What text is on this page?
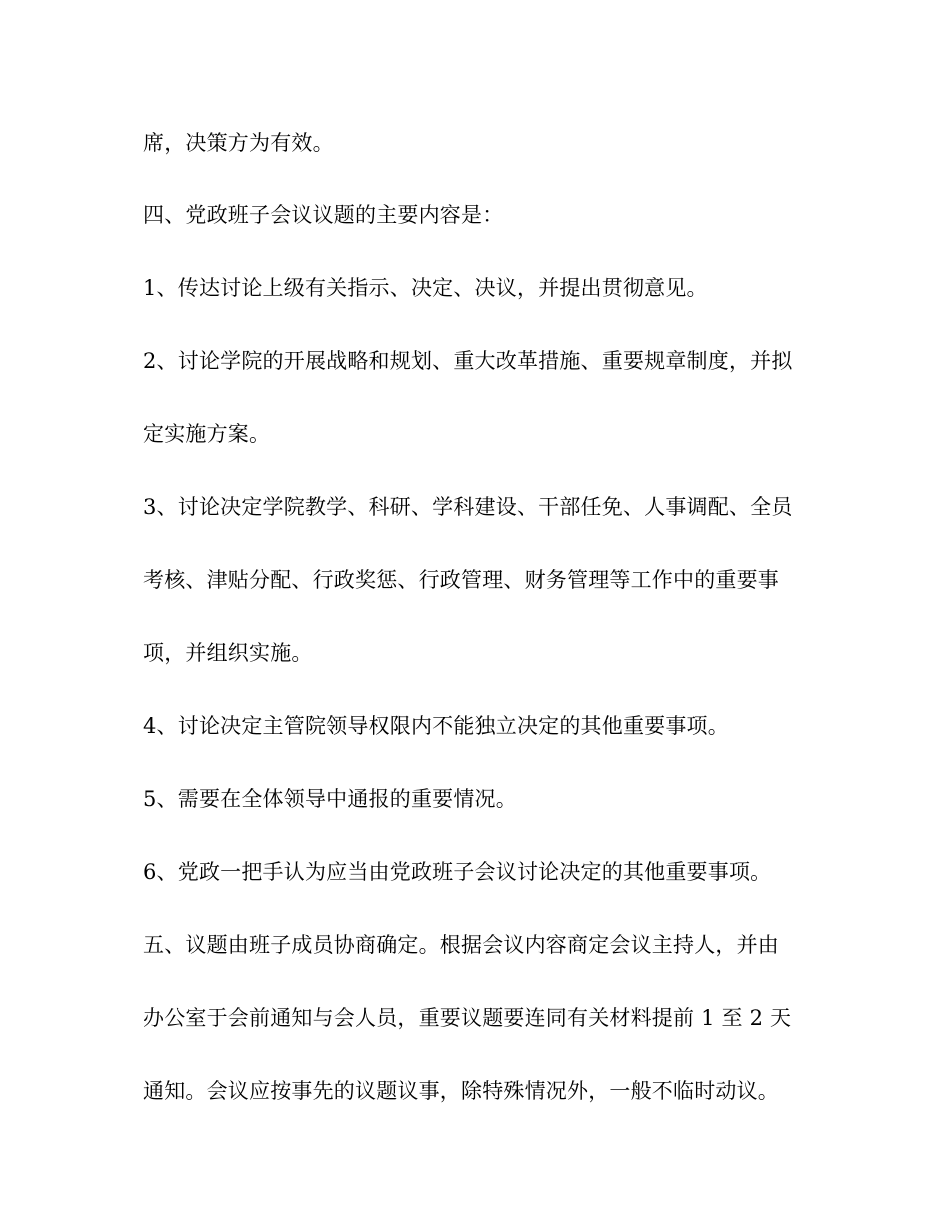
席，决策方为有效。
四、党政班子会议议题的主要内容是：
1、传达讨论上级有关指示、决定、决议，并提出贯彻意见。
2、讨论学院的开展战略和规划、重大改革措施、重要规章制度，并拟
定实施方案。
3、讨论决定学院教学、科研、学科建设、干部任免、人事调配、全员
考核、津贴分配、行政奖惩、行政管理、财务管理等工作中的重要事
项，并组织实施。
4、讨论决定主管院领导权限内不能独立决定的其他重要事项。
5、需要在全体领导中通报的重要情况。
6、党政一把手认为应当由党政班子会议讨论决定的其他重要事项。
五、议题由班子成员协商确定。根据会议内容商定会议主持人，并由
办公室于会前通知与会人员，重要议题要连同有关材料提前 1 至 2 天
通知。会议应按事先的议题议事，除特殊情况外，一般不临时动议。
